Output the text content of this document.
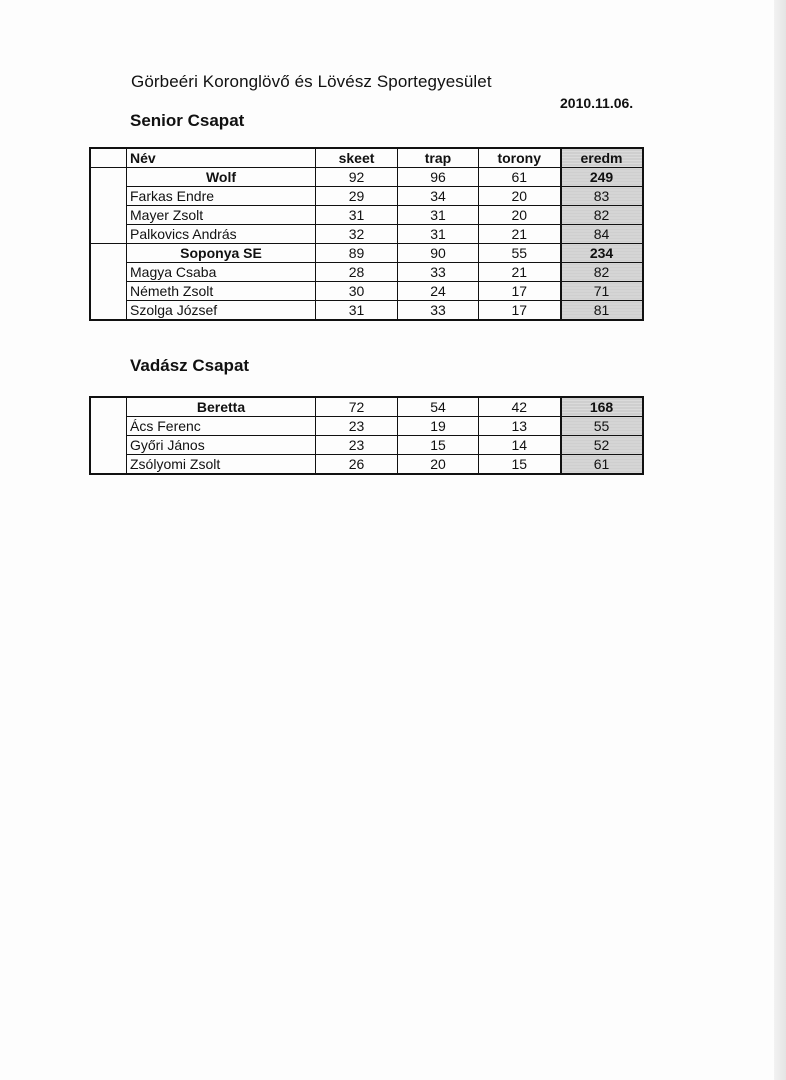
Görbeéri Koronglövő és Lövész Sportegyesület
2010.11.06.
Senior Csapat
	Név	skeet	trap	torony	eredm
	Wolf	92	96	61	249
	Farkas Endre	29	34	20	83
	Mayer Zsolt	31	31	20	82
	Palkovics András	32	31	21	84
	Soponya SE	89	90	55	234
	Magya Csaba	28	33	21	82
	Németh Zsolt	30	24	17	71
	Szolga József	31	33	17	81
Vadász Csapat
	Beretta	72	54	42	168
	Ács Ferenc	23	19	13	55
	Győri János	23	15	14	52
	Zsólyomi Zsolt	26	20	15	61
